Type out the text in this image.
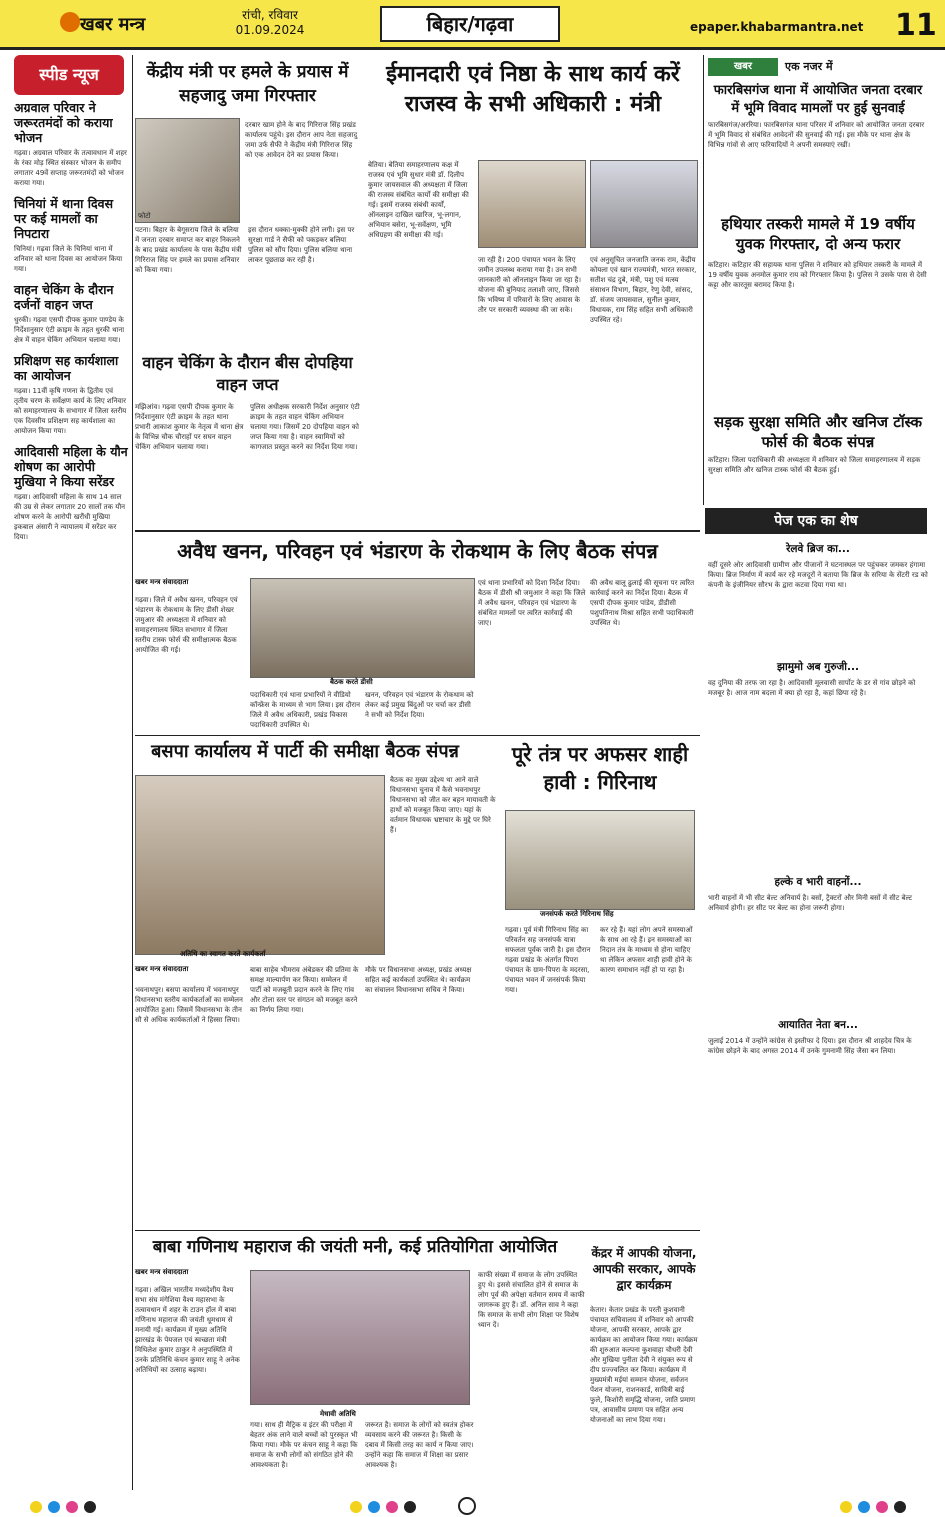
खबर मन्त्र	रांची, रविवार
01.09.2024	बिहार/गढ़वा	epaper.khabarmantra.net 11
स्पीड न्यूज
अग्रवाल परिवार ने जरूरतमंदों को कराया भोजन
गढ़वा। अग्रवाल परिवार के तत्वावधान में शहर के रंका मोड़ स्थित संस्कार भोजन के समीप लगातार 49वें सप्ताह जरूरतमंदों को भोजन कराया गया।
चिनियां में थाना दिवस पर कई मामलों का निपटारा
चिनियां। गढ़वा जिले के चिनियां थाना में शनिवार को थाना दिवस का आयोजन किया गया।
वाहन चेकिंग के दौरान दर्जनों वाहन जप्त
धुरकी। गढ़वा एसपी दीपक कुमार पाण्डेय के निर्देशानुसार एंटी क्राइम के तहत धुरकी थाना क्षेत्र में वाहन चेकिंग अभियान चलाया गया।
प्रशिक्षण सह कार्यशाला का आयोजन
गढ़वा। 11वीं कृषि गणना के द्वितीय एवं तृतीय चरण के सर्वेक्षण कार्य के लिए शनिवार को समाहरणालय के सभागार में जिला स्तरीय एक दिवसीय प्रशिक्षण सह कार्यशाला का आयोजन किया गया।
आदिवासी महिला के यौन शोषण का आरोपी मुखिया ने किया सरेंडर
गढ़वा। आदिवासी महिला के साथ 14 साल की उम्र से लेकर लगातार 20 सालों तक यौन शोषण करने के आरोपी खरौंधी मुखिया इकबाल अंसारी ने न्यायालय में सरेंडर कर दिया।
केंद्रीय मंत्री पर हमले के प्रयास में सहजादु जमा गिरफ्तार
फोटो
दरबार खाम होने के बाद गिरिराज सिंह प्रखंड कार्यालय पहुंचे। इस दौरान आप नेता सहजादु जमा उर्फ सैफी ने केंद्रीय मंत्री गिरिराज सिंह को एक आवेदन देने का प्रयास किया।
पटना। बिहार के बेगूसराय जिले के बलिया में जनता दरबार समाप्त कर बाहर निकलने के बाद प्रखंड कार्यालय के पास केंद्रीय मंत्री गिरिराज सिंह पर हमले का प्रयास शनिवार को किया गया।
इस दौरान धक्का-मुक्की होने लगी। इस पर सुरक्षा गार्ड ने सैफी को पकड़कर बलिया पुलिस को सौंप दिया। पुलिस बलिया थाना लाकर पूछताछ कर रही है।
वाहन चेकिंग के दौरान बीस दोपहिया वाहन जप्त
मझिआंव। गढ़वा एसपी दीपक कुमार के निर्देशानुसार एंटी क्राइम के तहत थाना प्रभारी आकाश कुमार के नेतृत्व में थाना क्षेत्र के विभिन्न चौक चौराहों पर सघन वाहन चेकिंग अभियान चलाया गया।
पुलिस अधीक्षक सरकारी निर्देश अनुसार एंटी क्राइम के तहत वाहन चेकिंग अभियान चलाया गया। जिसमें 20 दोपहिया वाहन को जप्त किया गया है। वाहन स्वामियों को कागजात प्रस्तुत करने का निर्देश दिया गया।
ईमानदारी एवं निष्ठा के साथ कार्य करें राजस्व के सभी अधिकारी : मंत्री
बेतिया। बेतिया समाहरणालय कक्ष में राजस्व एवं भूमि सुधार मंत्री डॉ. दिलीप कुमार जायसवाल की अध्यक्षता में जिला की राजस्व संबंधित कार्यों की समीक्षा की गई। इसमें राजस्व संबंधी कार्यों, ऑनलाइन दाखिल खारिज, भू-लगान, अभियान बसेरा, भू-सर्वेक्षण, भूमि अधिग्रहण की समीक्षा की गई।
जा रही है। 200 पंचायत भवन के लिए जमीन उपलब्ध कराया गया है। उन सभी जानकारी को ऑनलाइन किया जा रहा है। योजना की बुनियाद तलाशी जाए, जिससे कि भविष्य में परिवारों के लिए आवास के तौर पर सरकारी व्यवस्था की जा सके।
एवं अनुसूचित जनजाति जनक राम, केंद्रीय कोयला एवं खान राज्यमंत्री, भारत सरकार, सतीश चंद्र दुबे, मंत्री, पशु एवं मत्स्य संसाधन विभाग, बिहार, रेणु देवी, सांसद, डॉ. संजय जायसवाल, सुनील कुमार, विधायक, राम सिंह सहित सभी अधिकारी उपस्थित रहे।
खबर	एक नजर में
फारबिसगंज थाना में आयोजित जनता दरबार में भूमि विवाद मामलों पर हुई सुनवाई
फारबिसगंज/अररिया। फारबिसगंज थाना परिसर में शनिवार को आयोजित जनता दरबार में भूमि विवाद से संबंधित आवेदनों की सुनवाई की गई। इस मौके पर थाना क्षेत्र के विभिन्न गांवों से आए फरियादियों ने अपनी समस्याएं रखीं।
हथियार तस्करी मामले में 19 वर्षीय युवक गिरफ्तार, दो अन्य फरार
कटिहार। कटिहार की सहायक थाना पुलिस ने शनिवार को हथियार तस्करी के मामले में 19 वर्षीय युवक अनमोल कुमार राय को गिरफ्तार किया है। पुलिस ने उसके पास से देसी कट्टा और कारतूस बरामद किया है।
सड़क सुरक्षा समिति और खनिज टॉस्क फोर्स की बैठक संपन्न
कटिहार। जिला पदाधिकारी की अध्यक्षता में शनिवार को जिला समाहरणालय में सड़क सुरक्षा समिति और खनिज टास्क फोर्स की बैठक हुई।
पेज एक का शेष
रेलवे ब्रिज का...
वहीं दूसरे ओर आदिवासी ग्रामीण और पीजानों ने घटनास्थल पर पहुंचकर जमकर हंगामा किया। ब्रिज निर्माण में कार्य कर रहे मजदूरों ने बताया कि ब्रिज के सरिया के सेंटरी रड को कंपनी के इंजीनियर सौरभ के द्वारा कटवा दिया गया था।
झामुमो अब गुरुजी...
वह दुनिया की तरफ जा रहा है। आदिवासी मूलवासी सार्पोट के डर से गांव छोड़ने को मजबूर है। आज नाम बदला में क्या हो रहा है, कहां छिपा रहे है।
हल्के व भारी वाहनों...
भारी वाहनों में भी सीट बेल्ट अनिवार्य है। बसों, ट्रैक्टरों और मिनी बसों में सीट बेल्ट अनिवार्य होगी। हर सीट पर बेल्ट का होना जरूरी होगा।
आयातित नेता बन...
जुलाई 2014 में उन्होंने कांग्रेस से इस्तीफा दे दिया। इस दौरान श्री शाहदेव चित्र के कांग्रेस छोड़ने के बाद अगस्त 2014 में उनके गुमनामी सिंह जैसा बन लिया।
अवैध खनन, परिवहन एवं भंडारण के रोकथाम के लिए बैठक संपन्न
खबर मन्त्र संवाददाता
गढ़वा। जिले में अवैध खनन, परिवहन एवं भंडारण के रोकथाम के लिए डीसी शेखर जमुआर की अध्यक्षता में शनिवार को समाहरणालय स्थित सभागार में जिला स्तरीय टास्क फोर्स की समीक्षात्मक बैठक आयोजित की गई।
बैठक करते डीसी
पदाधिकारी एवं थाना प्रभारियों ने वीडियो कॉन्फ्रेंस के माध्यम से भाग लिया। इस दौरान जिले में अवैध अधिकारी, प्रखंड विकास पदाधिकारी उपस्थित थे।
खनन, परिवहन एवं भंडारण के रोकथाम को लेकर कई प्रमुख बिंदुओं पर चर्चा कर डीसी ने सभी को निर्देश दिया।
एवं थाना प्रभारियों को दिशा निर्देश दिया। बैठक में डीसी श्री जमुआर ने कहा कि जिले में अवैध खनन, परिवहन एवं भंडारण के संबंधित मामलों पर त्वरित कार्रवाई की जाए।
की अवैध बालू ढुलाई की सूचना पर त्वरित कार्रवाई करने का निर्देश दिया। बैठक में एसपी दीपक कुमार पांडेय, डीडीसी पशुपतिनाथ मिश्रा सहित सभी पदाधिकारी उपस्थित थे।
बसपा कार्यालय में पार्टी की समीक्षा बैठक संपन्न
अतिथि का स्वागत करते कार्यकर्ता
बैठक का मुख्य उद्देश्य था आने वाले विधानसभा चुनाव में कैसे भवनाथपुर विधानसभा को जीत कर बहन मायावती के हाथों को मजबूत किया जाए। यहां के वर्तमान विधायक भ्रष्टाचार के मुद्दे पर घिरे हैं।
खबर मन्त्र संवाददाता
भवनाथपुर। बसपा कार्यालय में भवनाथपुर विधानसभा स्तरीय कार्यकर्ताओं का सम्मेलन आयोजित हुआ। जिसमें विधानसभा के तीन सौ से अधिक कार्यकर्ताओं ने हिस्सा लिया।
बाबा साहेब भीमराव अंबेडकर की प्रतिमा के समक्ष माल्यार्पण कर किया। सम्मेलन में पार्टी को मजबूती प्रदान करने के लिए गांव और टोला स्तर पर संगठन को मजबूत करने का निर्णय लिया गया।
मौके पर विधानसभा अध्यक्ष, प्रखंड अध्यक्ष सहित कई कार्यकर्ता उपस्थित थे। कार्यक्रम का संचालन विधानसभा सचिव ने किया।
पूरे तंत्र पर अफसर शाही हावी : गिरिनाथ
जनसंपर्क करते गिरिनाथ सिंह
गढ़वा। पूर्व मंत्री गिरिनाथ सिंह का परिवर्तन सह जनसंपर्क यात्रा सफलता पूर्वक जारी है। इस दौरान गढ़वा प्रखंड के अंतर्गत पिपरा पंचायत के ग्राम-पिपरा के मदरसा, पंचायत भवन में जनसंपर्क किया गया।
कर रहे हैं। यहां लोग अपने समस्याओं के साथ आ रहे हैं। इन समस्याओं का निदान तंत्र के माध्यम से होना चाहिए था लेकिन अफसर शाही हावी होने के कारण समाधान नहीं हो पा रहा है।
बाबा गणिनाथ महाराज की जयंती मनी, कई प्रतियोगिता आयोजित
खबर मन्त्र संवाददाता
गढ़वा। अखिल भारतीय मध्यदेशीय वैश्य सभा संघ मंगेशिया वैश्य महासभा के तत्वावधान में शहर के टाउन हॉल में बाबा गणिनाथ महाराज की जयंती धूमधाम से मनायी गई। कार्यक्रम में मुख्य अतिथि झारखंड के पेयजल एवं स्वच्छता मंत्री मिथिलेश कुमार ठाकुर ने अनुपस्थिति में उनके प्रतिनिधि कंचन कुमार साहू ने अनेक अतिथियों का उत्साह बढ़ाया।
मेधावी अतिथि
गया। साथ ही मैट्रिक व इंटर की परीक्षा में बेहतर अंक लाने वाले बच्चों को पुरस्कृत भी किया गया। मौके पर कंचन साहू ने कहा कि समाज के सभी लोगों को संगठित होने की आवश्यकता है।
जरूरत है। समाज के लोगों को स्वतंत्र होकर व्यवसाय करने की जरूरत है। किसी के दबाव में किसी तरह का कार्य न किया जाए। उन्होंने कहा कि समाज में शिक्षा का प्रसार आवश्यक है।
काफी संख्या में समाज के लोग उपस्थित हुए थे। इससे संचालित होने से समाज के लोग पूर्व की अपेक्षा वर्तमान समय में काफी जागरूक हुए हैं। डॉ. अनिल साव ने कहा कि समाज के सभी लोग शिक्षा पर विशेष ध्यान दें।
केंद्रर में आपकी योजना, आपकी सरकार, आपके द्वार कार्यक्रम
केतार। केतार प्रखंड के परती कुशवानी पंचायत सचिवालय में शनिवार को आपकी योजना, आपकी सरकार, आपके द्वार कार्यक्रम का आयोजन किया गया। कार्यक्रम की शुरुआत कल्पना कुशवाहा चौधरी देवी और मुखिया पुनीता देवी ने संयुक्त रूप से दीप प्रज्ज्वलित कर किया। कार्यक्रम में मुख्यमंत्री मईयां सम्मान योजना, सर्वजन पेंशन योजना, राशनकार्ड, सावित्री बाई फुले, किशोरी समृद्धि योजना, जाति प्रमाण पत्र, आवासीय प्रमाण पत्र सहित अन्य योजनाओं का लाभ दिया गया।
